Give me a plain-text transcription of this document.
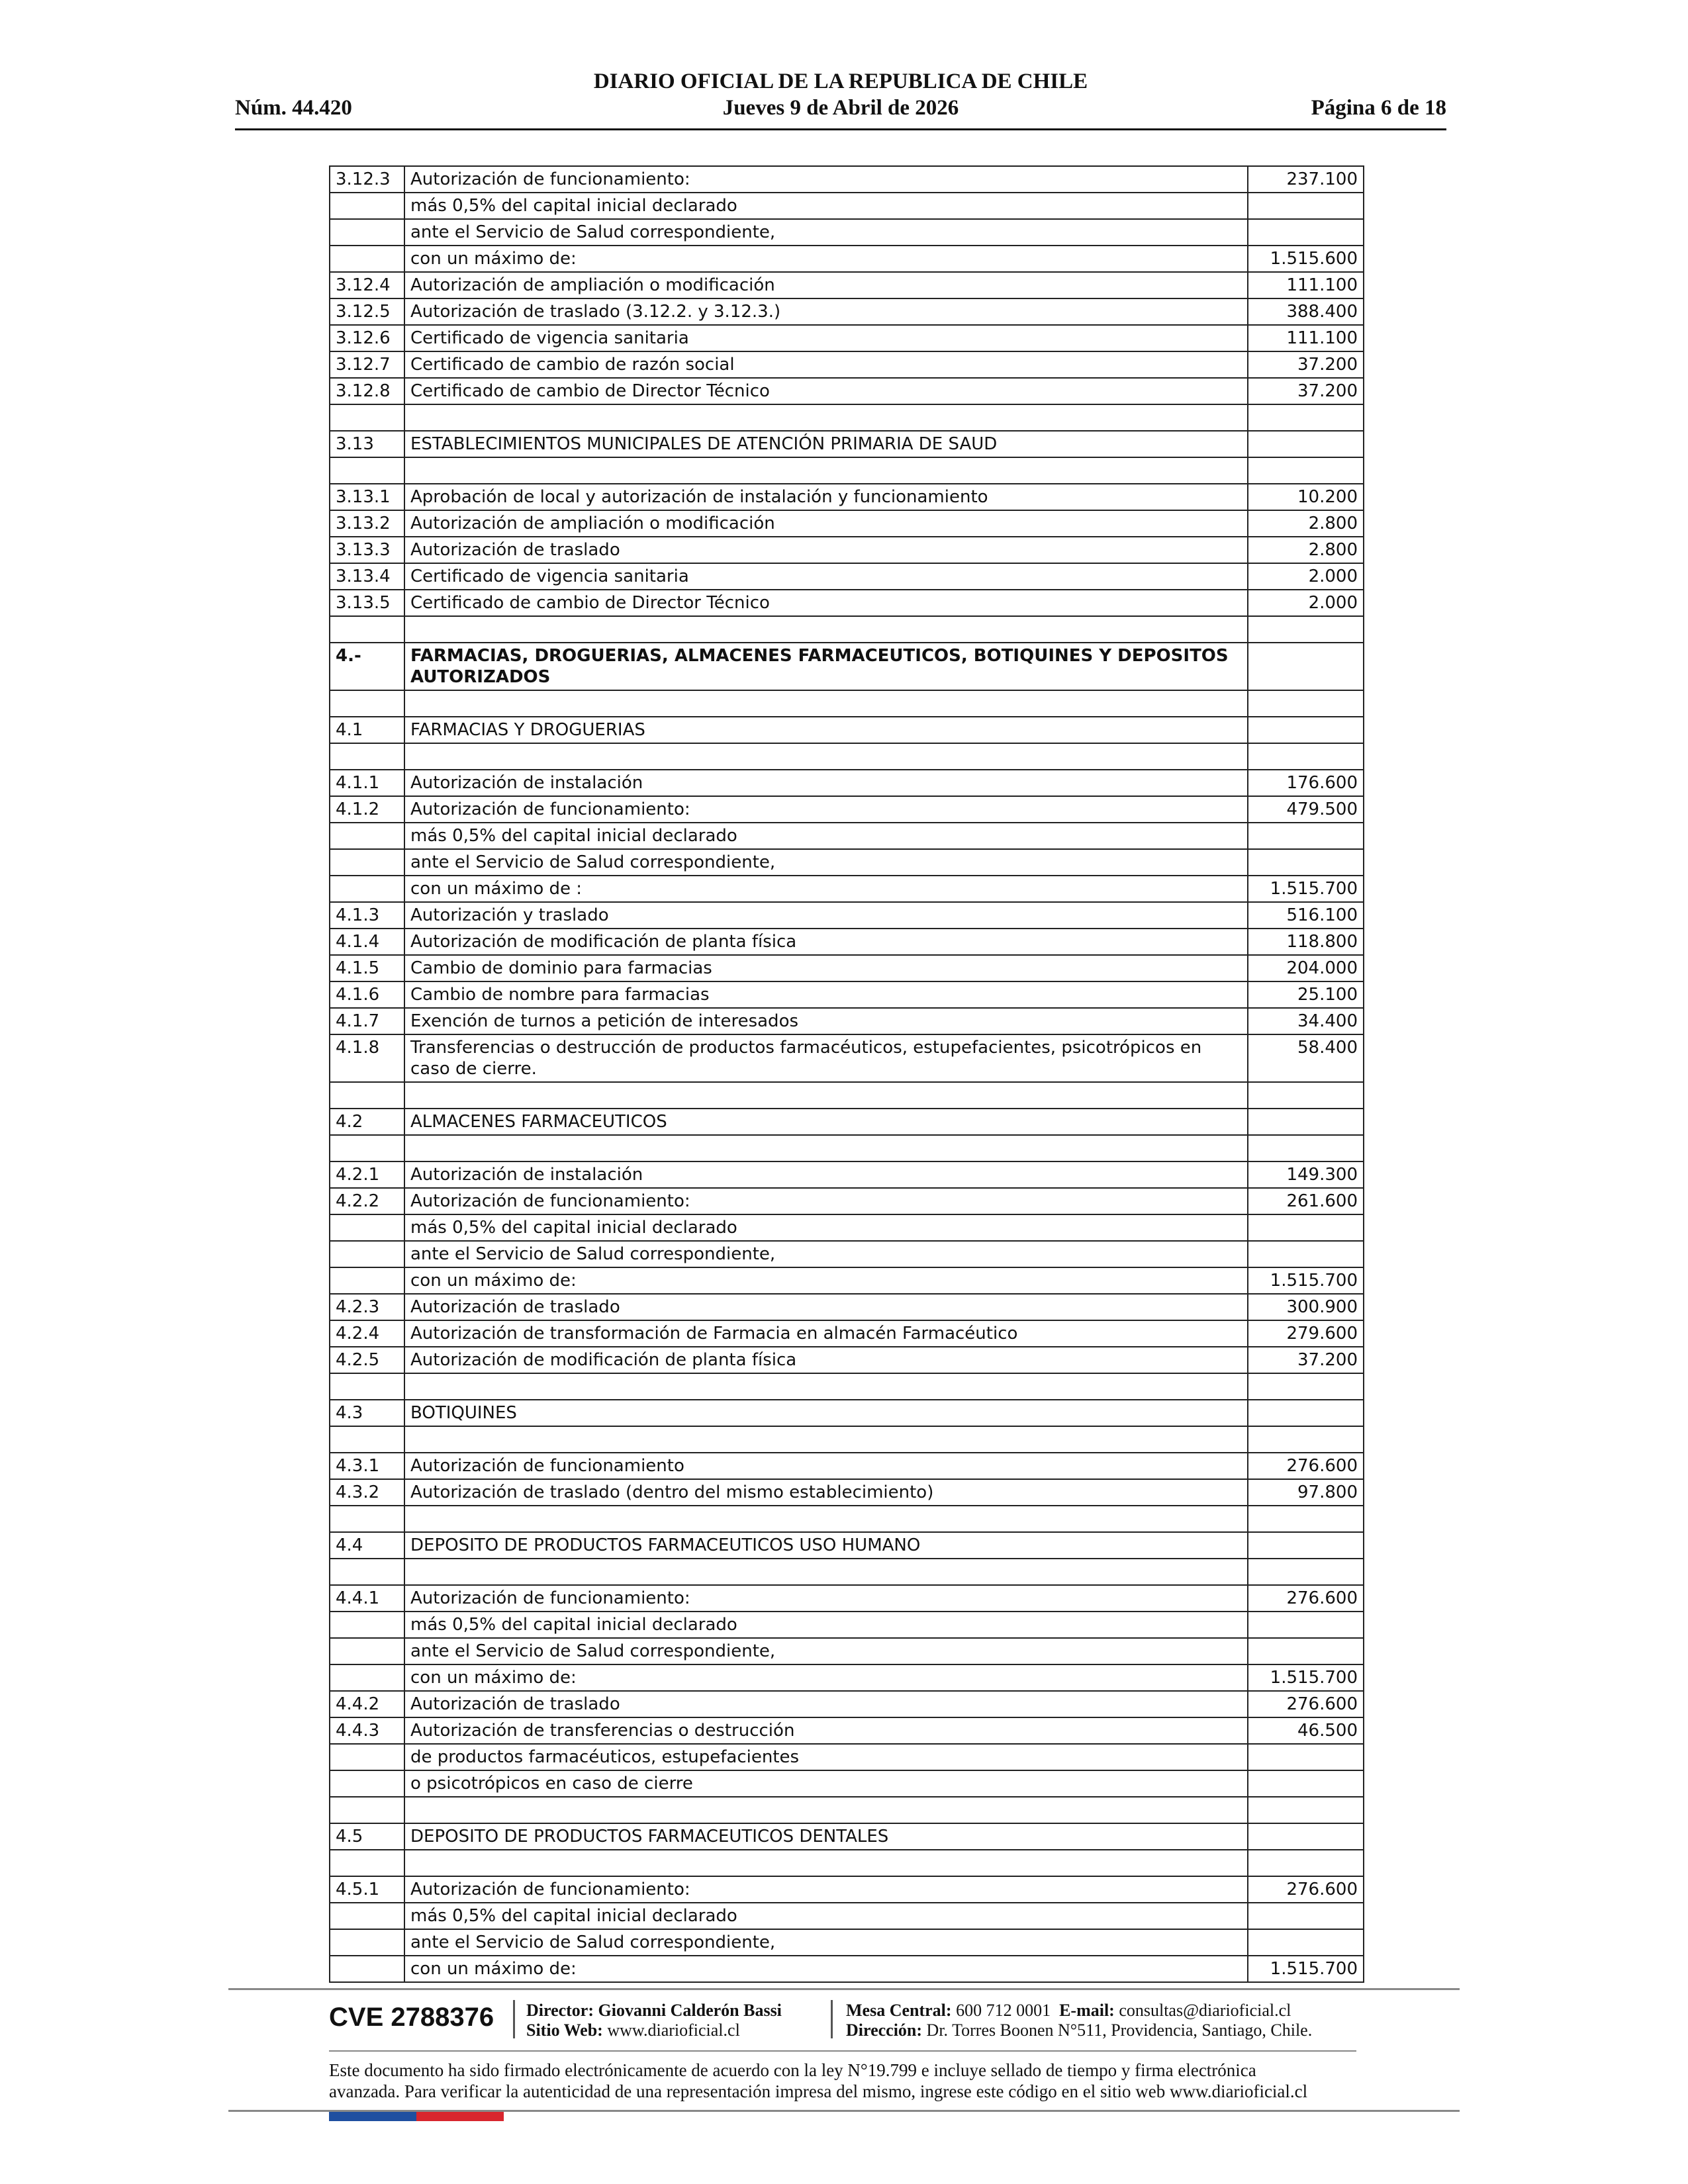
DIARIO OFICIAL DE LA REPUBLICA DE CHILE
Núm. 44.420	Jueves 9 de Abril de 2026	Página 6 de 18
3.12.3	Autorización de funcionamiento:	237.100
	más 0,5% del capital inicial declarado	
	ante el Servicio de Salud correspondiente,	
	con un máximo de:	1.515.600
3.12.4	Autorización de ampliación o modificación	111.100
3.12.5	Autorización de traslado (3.12.2. y 3.12.3.)	388.400
3.12.6	Certificado de vigencia sanitaria	111.100
3.12.7	Certificado de cambio de razón social	37.200
3.12.8	Certificado de cambio de Director Técnico	37.200

3.13	ESTABLECIMIENTOS MUNICIPALES DE ATENCIÓN PRIMARIA DE SAUD	

3.13.1	Aprobación de local y autorización de instalación y funcionamiento	10.200
3.13.2	Autorización de ampliación o modificación	2.800
3.13.3	Autorización de traslado	2.800
3.13.4	Certificado de vigencia sanitaria	2.000
3.13.5	Certificado de cambio de Director Técnico	2.000

4.-	FARMACIAS, DROGUERIAS, ALMACENES FARMACEUTICOS, BOTIQUINES Y DEPOSITOS AUTORIZADOS	

4.1	FARMACIAS Y DROGUERIAS	

4.1.1	Autorización de instalación	176.600
4.1.2	Autorización de funcionamiento:	479.500
	más 0,5% del capital inicial declarado	
	ante el Servicio de Salud correspondiente,	
	con un máximo de :	1.515.700
4.1.3	Autorización y traslado	516.100
4.1.4	Autorización de modificación de planta física	118.800
4.1.5	Cambio de dominio para farmacias	204.000
4.1.6	Cambio de nombre para farmacias	25.100
4.1.7	Exención de turnos a petición de interesados	34.400
4.1.8	Transferencias o destrucción de productos farmacéuticos, estupefacientes, psicotrópicos en caso de cierre.	58.400

4.2	ALMACENES FARMACEUTICOS	

4.2.1	Autorización de instalación	149.300
4.2.2	Autorización de funcionamiento:	261.600
	más 0,5% del capital inicial declarado	
	ante el Servicio de Salud correspondiente,	
	con un máximo de:	1.515.700
4.2.3	Autorización de traslado	300.900
4.2.4	Autorización de transformación de Farmacia en almacén Farmacéutico	279.600
4.2.5	Autorización de modificación de planta física	37.200

4.3	BOTIQUINES	

4.3.1	Autorización de funcionamiento	276.600
4.3.2	Autorización de traslado (dentro del mismo establecimiento)	97.800

4.4	DEPOSITO DE PRODUCTOS FARMACEUTICOS USO HUMANO	

4.4.1	Autorización de funcionamiento:	276.600
	más 0,5% del capital inicial declarado	
	ante el Servicio de Salud correspondiente,	
	con un máximo de:	1.515.700
4.4.2	Autorización de traslado	276.600
4.4.3	Autorización de transferencias o destrucción	46.500
	de productos farmacéuticos, estupefacientes	
	o psicotrópicos en caso de cierre	

4.5	DEPOSITO DE PRODUCTOS FARMACEUTICOS DENTALES	

4.5.1	Autorización de funcionamiento:	276.600
	más 0,5% del capital inicial declarado	
	ante el Servicio de Salud correspondiente,	
	con un máximo de:	1.515.700
CVE 2788376 Director: Giovanni Calderón Bassi
Sitio Web: www.diarioficial.cl
Mesa Central: 600 712 0001 E-mail: consultas@diarioficial.cl
Dirección: Dr. Torres Boonen N°511, Providencia, Santiago, Chile.
Este documento ha sido firmado electrónicamente de acuerdo con la ley N°19.799 e incluye sellado de tiempo y firma electrónica
avanzada. Para verificar la autenticidad de una representación impresa del mismo, ingrese este código en el sitio web www.diarioficial.cl
